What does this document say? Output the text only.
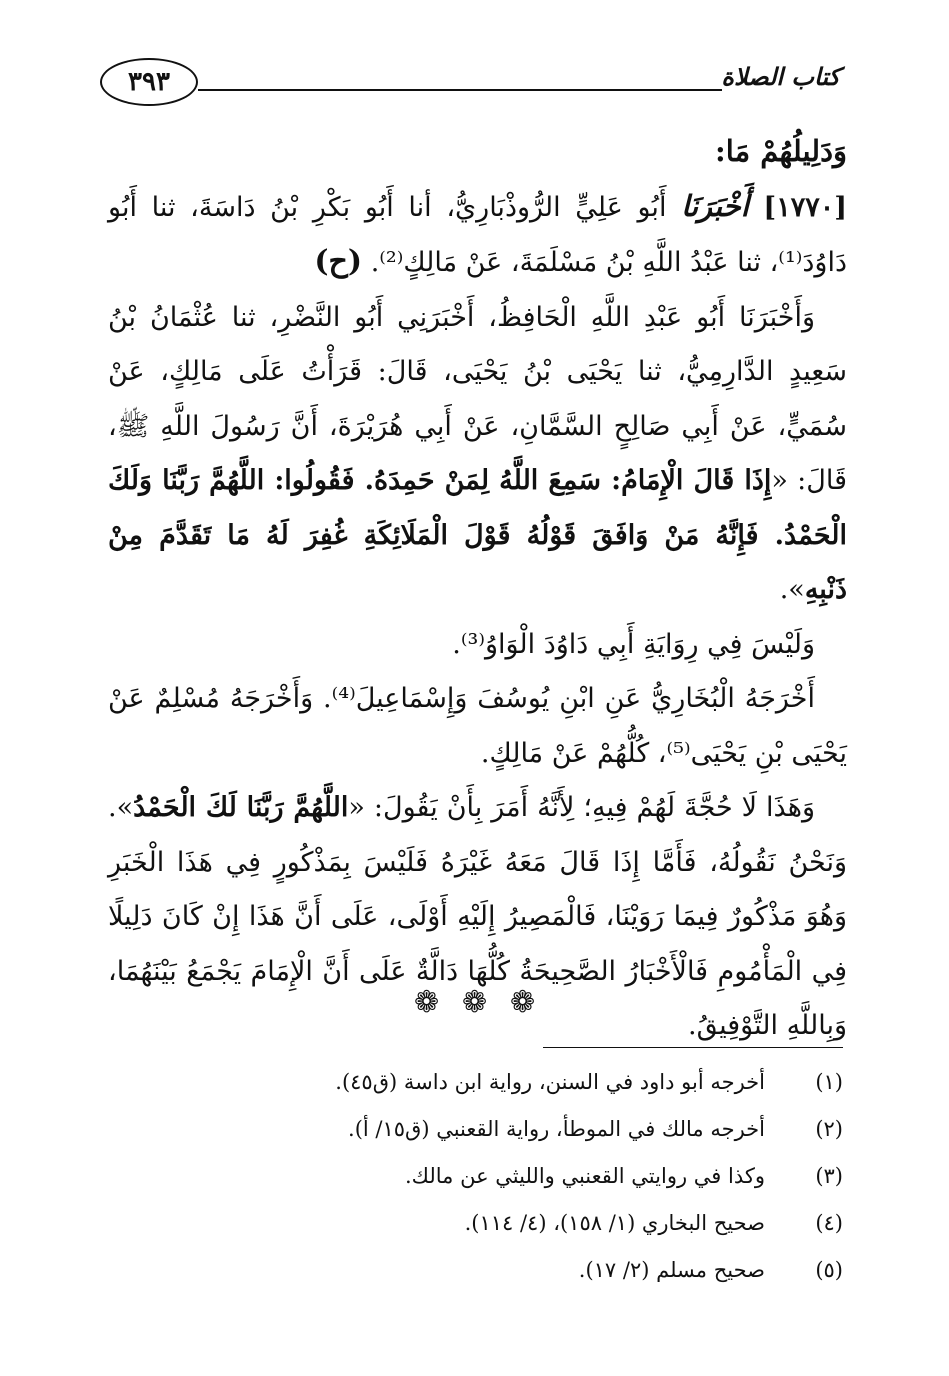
٣٩٣	كتاب الصلاة

وَدَلِيلُهُمْ مَا:

[١٧٧٠] أَخْبَرَنَا أَبُو عَلِيٍّ الرُّوذْبَارِيُّ، أنا أَبُو بَكْرِ بْنُ دَاسَةَ، ثنا أَبُو دَاوُدَ⁽¹⁾، ثنا عَبْدُ اللَّهِ بْنُ مَسْلَمَةَ، عَنْ مَالِكٍ⁽²⁾. (ح)

وَأَخْبَرَنَا أَبُو عَبْدِ اللَّهِ الْحَافِظُ، أَخْبَرَنِي أَبُو النَّضْرِ، ثنا عُثْمَانُ بْنُ سَعِيدٍ الدَّارِمِيُّ، ثنا يَحْيَى بْنُ يَحْيَى، قَالَ: قَرَأْتُ عَلَى مَالِكٍ، عَنْ سُمَيٍّ، عَنْ أَبِي صَالِحٍ السَّمَّانِ، عَنْ أَبِي هُرَيْرَةَ، أَنَّ رَسُولَ اللَّهِ ﷺ، قَالَ: «إِذَا قَالَ الْإِمَامُ: سَمِعَ اللَّهُ لِمَنْ حَمِدَهُ. فَقُولُوا: اللَّهُمَّ رَبَّنَا وَلَكَ الْحَمْدُ. فَإِنَّهُ مَنْ وَافَقَ قَوْلُهُ قَوْلَ الْمَلَائِكَةِ غُفِرَ لَهُ مَا تَقَدَّمَ مِنْ ذَنْبِهِ».

وَلَيْسَ فِي رِوَايَةِ أَبِي دَاوُدَ الْوَاوُ⁽³⁾.

أَخْرَجَهُ الْبُخَارِيُّ عَنِ ابْنِ يُوسُفَ وَإِسْمَاعِيلَ⁽⁴⁾. وَأَخْرَجَهُ مُسْلِمٌ عَنْ يَحْيَى بْنِ يَحْيَى⁽⁵⁾، كُلُّهُمْ عَنْ مَالِكٍ.

وَهَذَا لَا حُجَّةَ لَهُمْ فِيهِ؛ لِأَنَّهُ أَمَرَ بِأَنْ يَقُولَ: «اللَّهُمَّ رَبَّنَا لَكَ الْحَمْدُ». وَنَحْنُ نَقُولُهُ، فَأَمَّا إِذَا قَالَ مَعَهُ غَيْرَهُ فَلَيْسَ بِمَذْكُورٍ فِي هَذَا الْخَبَرِ وَهُوَ مَذْكُورٌ فِيمَا رَوَيْنَا، فَالْمَصِيرُ إِلَيْهِ أَوْلَى، عَلَى أَنَّ هَذَا إِنْ كَانَ دَلِيلًا فِي الْمَأْمُومِ فَالْأَخْبَارُ الصَّحِيحَةُ كُلُّهَا دَالَّةٌ عَلَى أَنَّ الْإِمَامَ يَجْمَعُ بَيْنَهُمَا، وَبِاللَّهِ التَّوْفِيقُ.

❁
❁
❁
(١)
أخرجه أبو داود في السنن، رواية ابن داسة (ق٤٥).
(٢)
أخرجه مالك في الموطأ، رواية القعنبي (ق١٥/ أ).
(٣)
وكذا في روايتي القعنبي والليثي عن مالك.
(٤)
صحيح البخاري (١/ ١٥٨)، (٤/ ١١٤).
(٥)
صحيح مسلم (٢/ ١٧).
